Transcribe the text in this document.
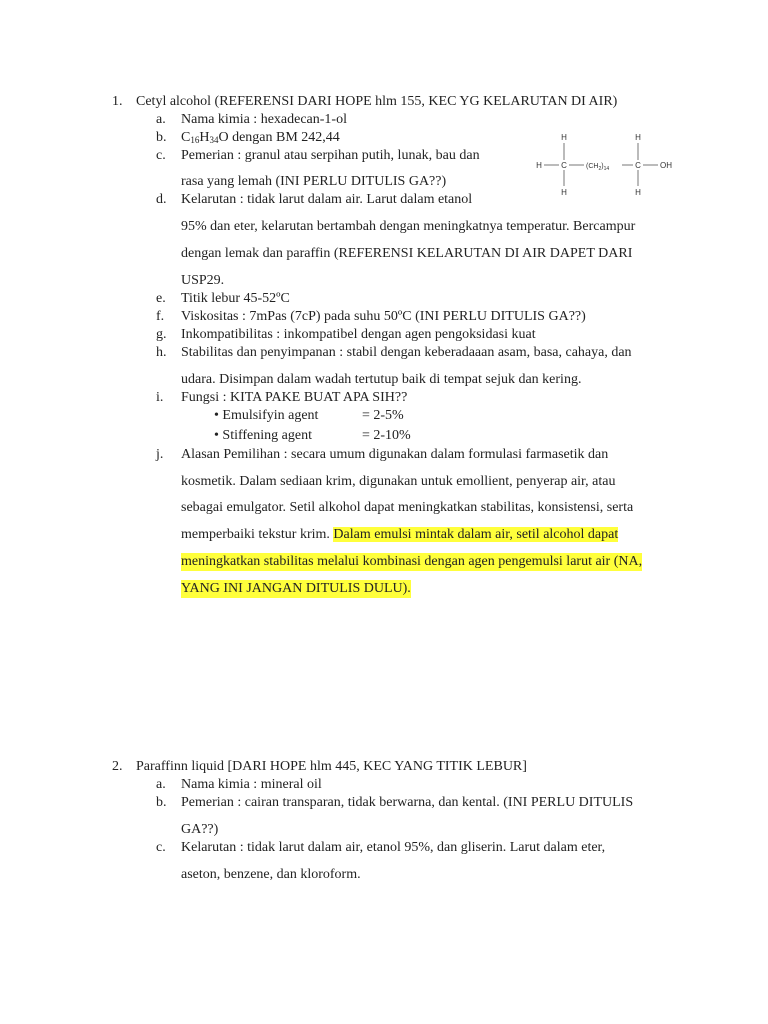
1. Cetyl alcohol (REFERENSI DARI HOPE hlm 155, KEC YG KELARUTAN DI AIR)
a. Nama kimia : hexadecan-1-ol
b. $C_{16}H_{34}O$ dengan BM 242,44
c. Pemerian : granul atau serpihan putih, lunak, bau dan
rasa yang lemah (INI PERLU DITULIS GA??)
d. Kelarutan : tidak larut dalam air. Larut dalam etanol
95% dan eter, kelarutan bertambah dengan meningkatnya temperatur. Bercampur
dengan lemak dan paraffin (REFERENSI KELARUTAN DI AIR DAPET DARI
USP29.
e. Titik lebur 45-52ºC
f. Viskositas : 7mPas (7cP) pada suhu 50ºC (INI PERLU DITULIS GA??)
g. Inkompatibilitas : inkompatibel dengan agen pengoksidasi kuat
h. Stabilitas dan penyimpanan : stabil dengan keberadaaan asam, basa, cahaya, dan
udara. Disimpan dalam wadah tertutup baik di tempat sejuk dan kering.
i. Fungsi : KITA PAKE BUAT APA SIH??
• Emulsifyin agent	= 2-5%
• Stiffening agent	= 2-10%
j. Alasan Pemilihan : secara umum digunakan dalam formulasi farmasetik dan
kosmetik. Dalam sediaan krim, digunakan untuk emollient, penyerap air, atau
sebagai emulgator. Setil alkohol dapat meningkatkan stabilitas, konsistensi, serta
memperbaiki tekstur krim. Dalam emulsi mintak dalam air, setil alcohol dapat
meningkatkan stabilitas melalui kombinasi dengan agen pengemulsi larut air (NA,
YANG INI JANGAN DITULIS DULU).
H	H
H C	$(CH_2)_{14}$	C OH
H	H
2. Paraffinn liquid [DARI HOPE hlm 445, KEC YANG TITIK LEBUR]
a. Nama kimia : mineral oil
b. Pemerian : cairan transparan, tidak berwarna, dan kental. (INI PERLU DITULIS
GA??)
c. Kelarutan : tidak larut dalam air, etanol 95%, dan gliserin. Larut dalam eter,
aseton, benzene, dan kloroform.
